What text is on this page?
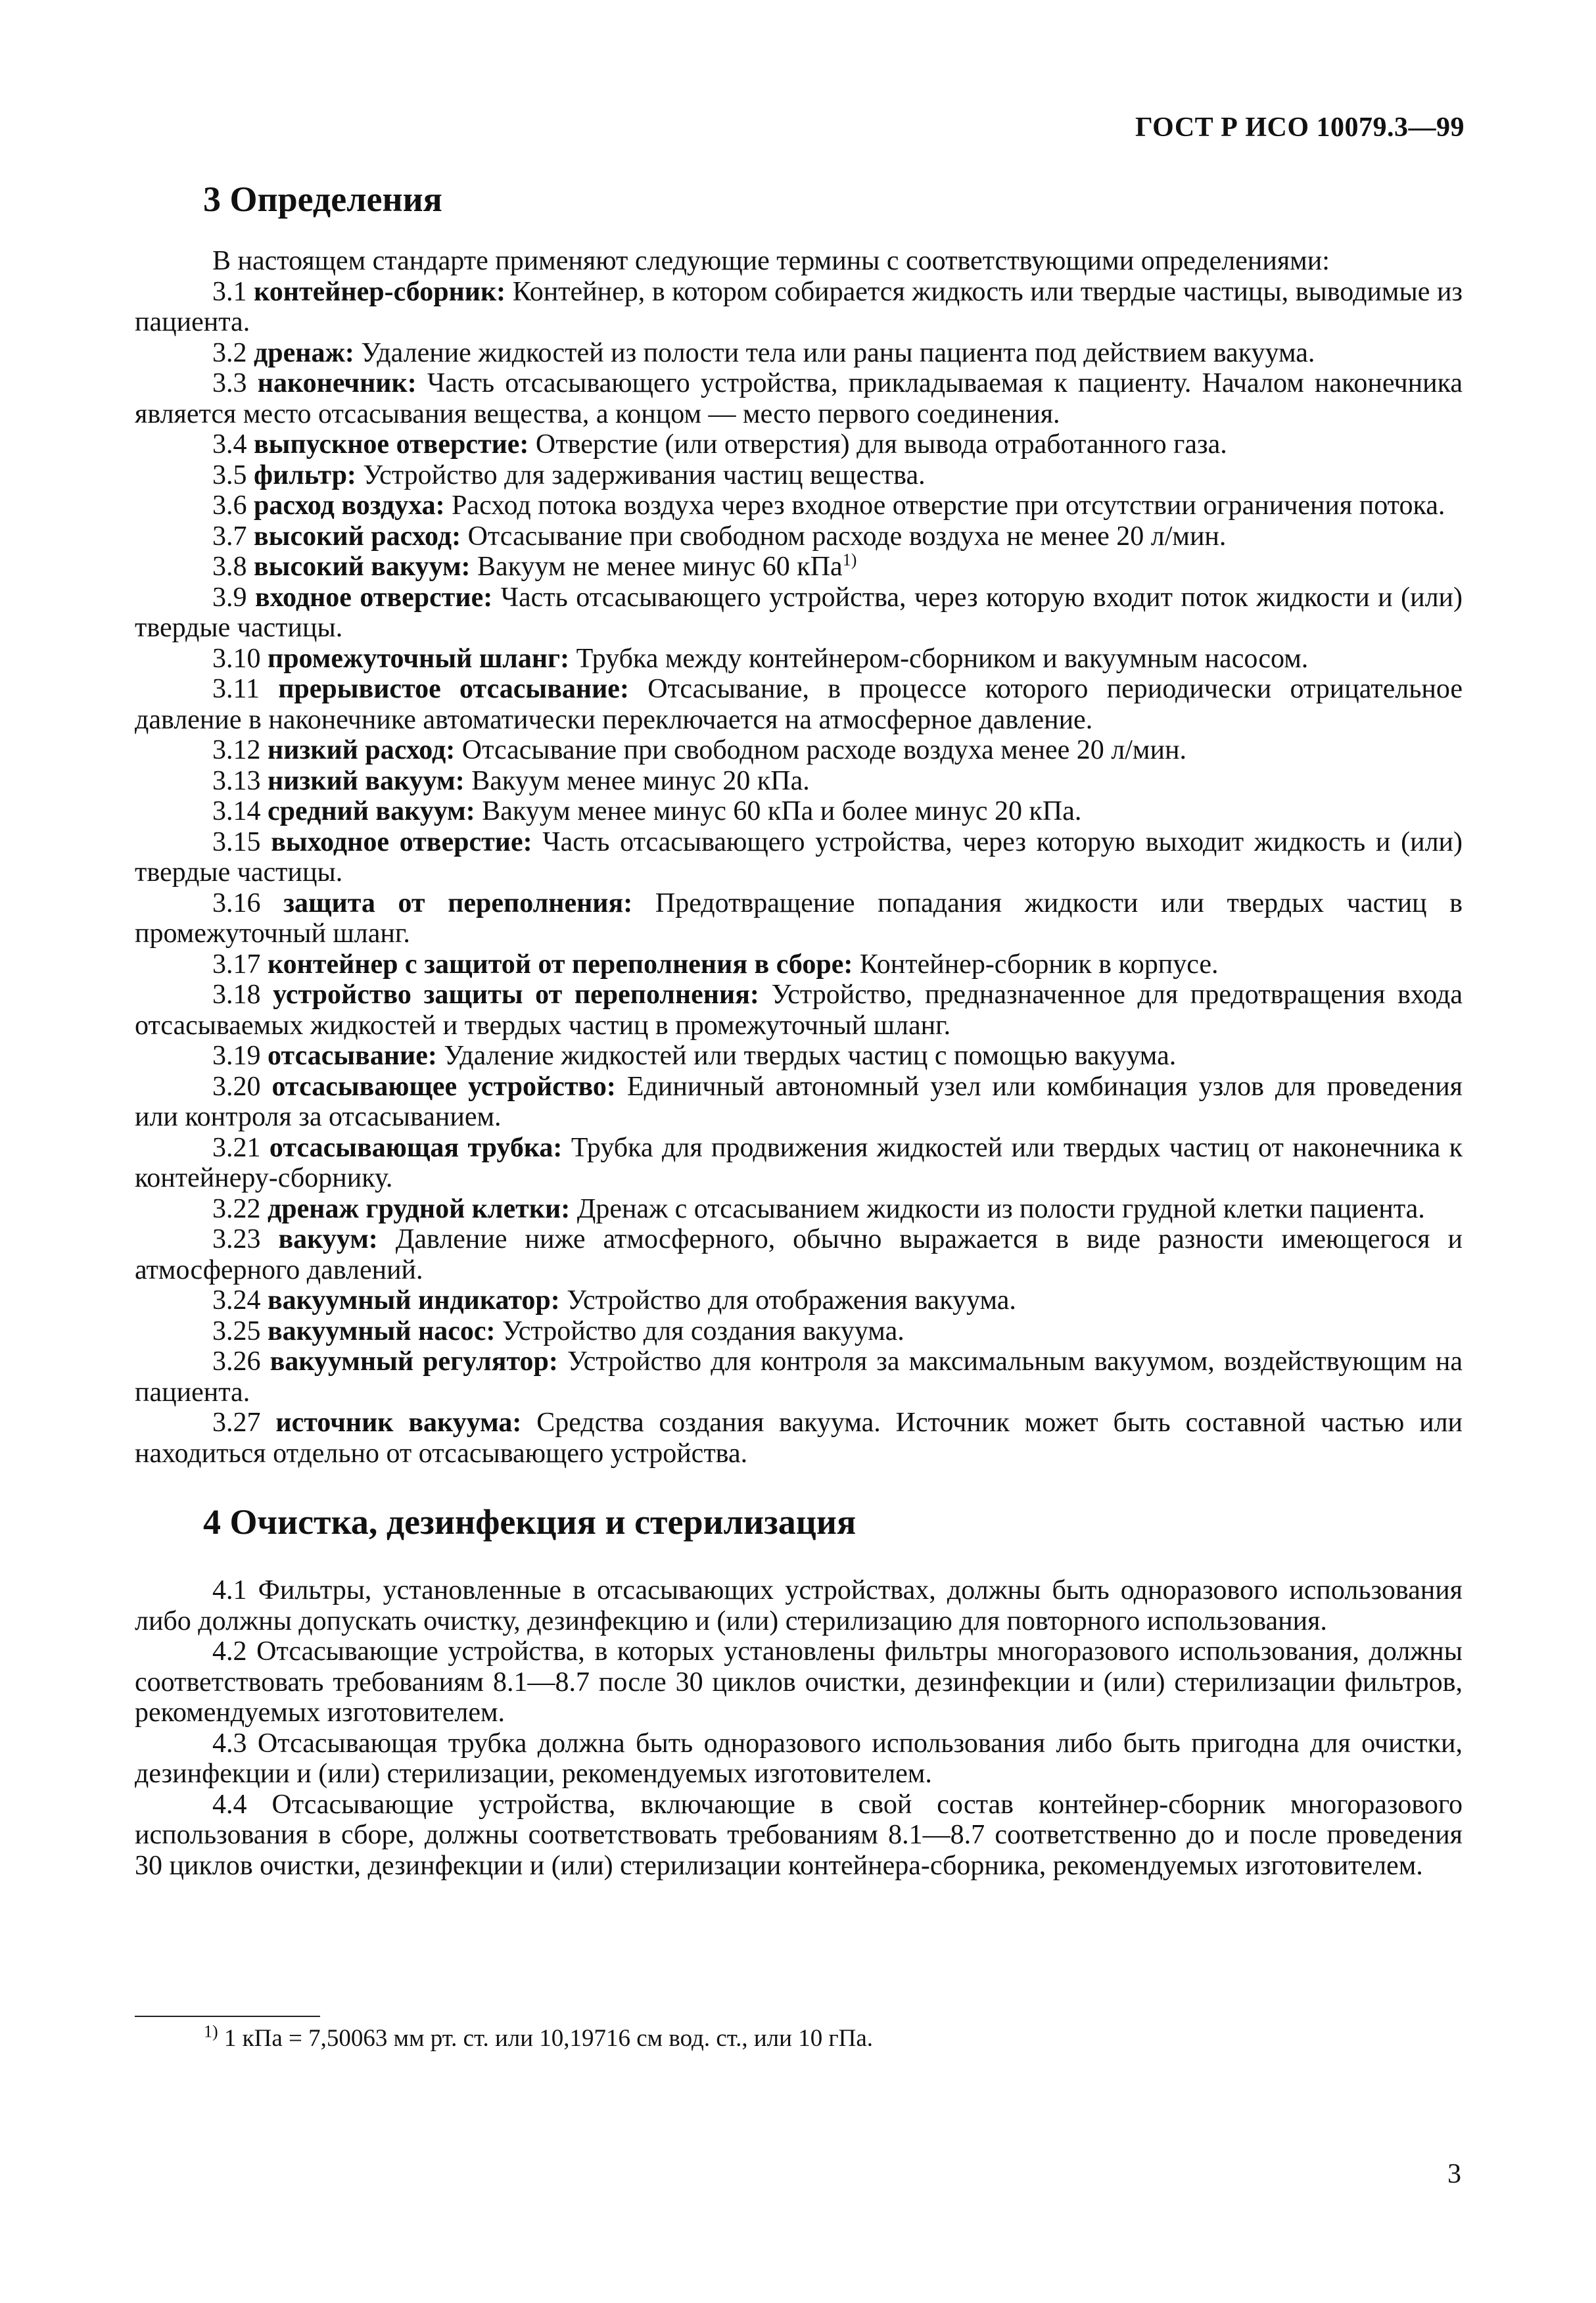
ГОСТ Р ИСО 10079.3—99
3 Определения

В настоящем стандарте применяют следующие термины с соответствующими определениями:

3.1 контейнер-сборник: Контейнер, в котором собирается жидкость или твердые частицы, выводимые из пациента.

3.2 дренаж: Удаление жидкостей из полости тела или раны пациента под действием вакуума.

3.3 наконечник: Часть отсасывающего устройства, прикладываемая к пациенту. Началом наконечника является место отсасывания вещества, а концом — место первого соединения.

3.4 выпускное отверстие: Отверстие (или отверстия) для вывода отработанного газа.

3.5 фильтр: Устройство для задерживания частиц вещества.

3.6 расход воздуха: Расход потока воздуха через входное отверстие при отсутствии ограничения потока.

3.7 высокий расход: Отсасывание при свободном расходе воздуха не менее 20 л/мин.

3.8 высокий вакуум: Вакуум не менее минус 60 кПа$^{1)}$

3.9 входное отверстие: Часть отсасывающего устройства, через которую входит поток жидкости и (или) твердые частицы.

3.10 промежуточный шланг: Трубка между контейнером-сборником и вакуумным насосом.

3.11 прерывистое отсасывание: Отсасывание, в процессе которого периодически отрицательное давление в наконечнике автоматически переключается на атмосферное давление.

3.12 низкий расход: Отсасывание при свободном расходе воздуха менее 20 л/мин.

3.13 низкий вакуум: Вакуум менее минус 20 кПа.

3.14 средний вакуум: Вакуум менее минус 60 кПа и более минус 20 кПа.

3.15 выходное отверстие: Часть отсасывающего устройства, через которую выходит жидкость и (или) твердые частицы.

3.16 защита от переполнения: Предотвращение попадания жидкости или твердых частиц в промежуточный шланг.

3.17 контейнер с защитой от переполнения в сборе: Контейнер-сборник в корпусе.

3.18 устройство защиты от переполнения: Устройство, предназначенное для предотвращения входа отсасываемых жидкостей и твердых частиц в промежуточный шланг.

3.19 отсасывание: Удаление жидкостей или твердых частиц с помощью вакуума.

3.20 отсасывающее устройство: Единичный автономный узел или комбинация узлов для проведения или контроля за отсасыванием.

3.21 отсасывающая трубка: Трубка для продвижения жидкостей или твердых частиц от наконечника к контейнеру-сборнику.

3.22 дренаж грудной клетки: Дренаж с отсасыванием жидкости из полости грудной клетки пациента.

3.23 вакуум: Давление ниже атмосферного, обычно выражается в виде разности имеющегося и атмосферного давлений.

3.24 вакуумный индикатор: Устройство для отображения вакуума.

3.25 вакуумный насос: Устройство для создания вакуума.

3.26 вакуумный регулятор: Устройство для контроля за максимальным вакуумом, воздействующим на пациента.

3.27 источник вакуума: Средства создания вакуума. Источник может быть составной частью или находиться отдельно от отсасывающего устройства.

4 Очистка, дезинфекция и стерилизация

4.1 Фильтры, установленные в отсасывающих устройствах, должны быть одноразового использования либо должны допускать очистку, дезинфекцию и (или) стерилизацию для повторного использования.

4.2 Отсасывающие устройства, в которых установлены фильтры многоразового использования, должны соответствовать требованиям 8.1—8.7 после 30 циклов очистки, дезинфекции и (или) стерилизации фильтров, рекомендуемых изготовителем.

4.3 Отсасывающая трубка должна быть одноразового использования либо быть пригодна для очистки, дезинфекции и (или) стерилизации, рекомендуемых изготовителем.

4.4 Отсасывающие устройства, включающие в свой состав контейнер-сборник многоразового использования в сборе, должны соответствовать требованиям 8.1—8.7 соответственно до и после проведения 30 циклов очистки, дезинфекции и (или) стерилизации контейнера-сборника, рекомендуемых изготовителем.

$^{1)}$ 1 кПа = 7,50063 мм рт. ст. или 10,19716 см вод. ст., или 10 гПа.
3
